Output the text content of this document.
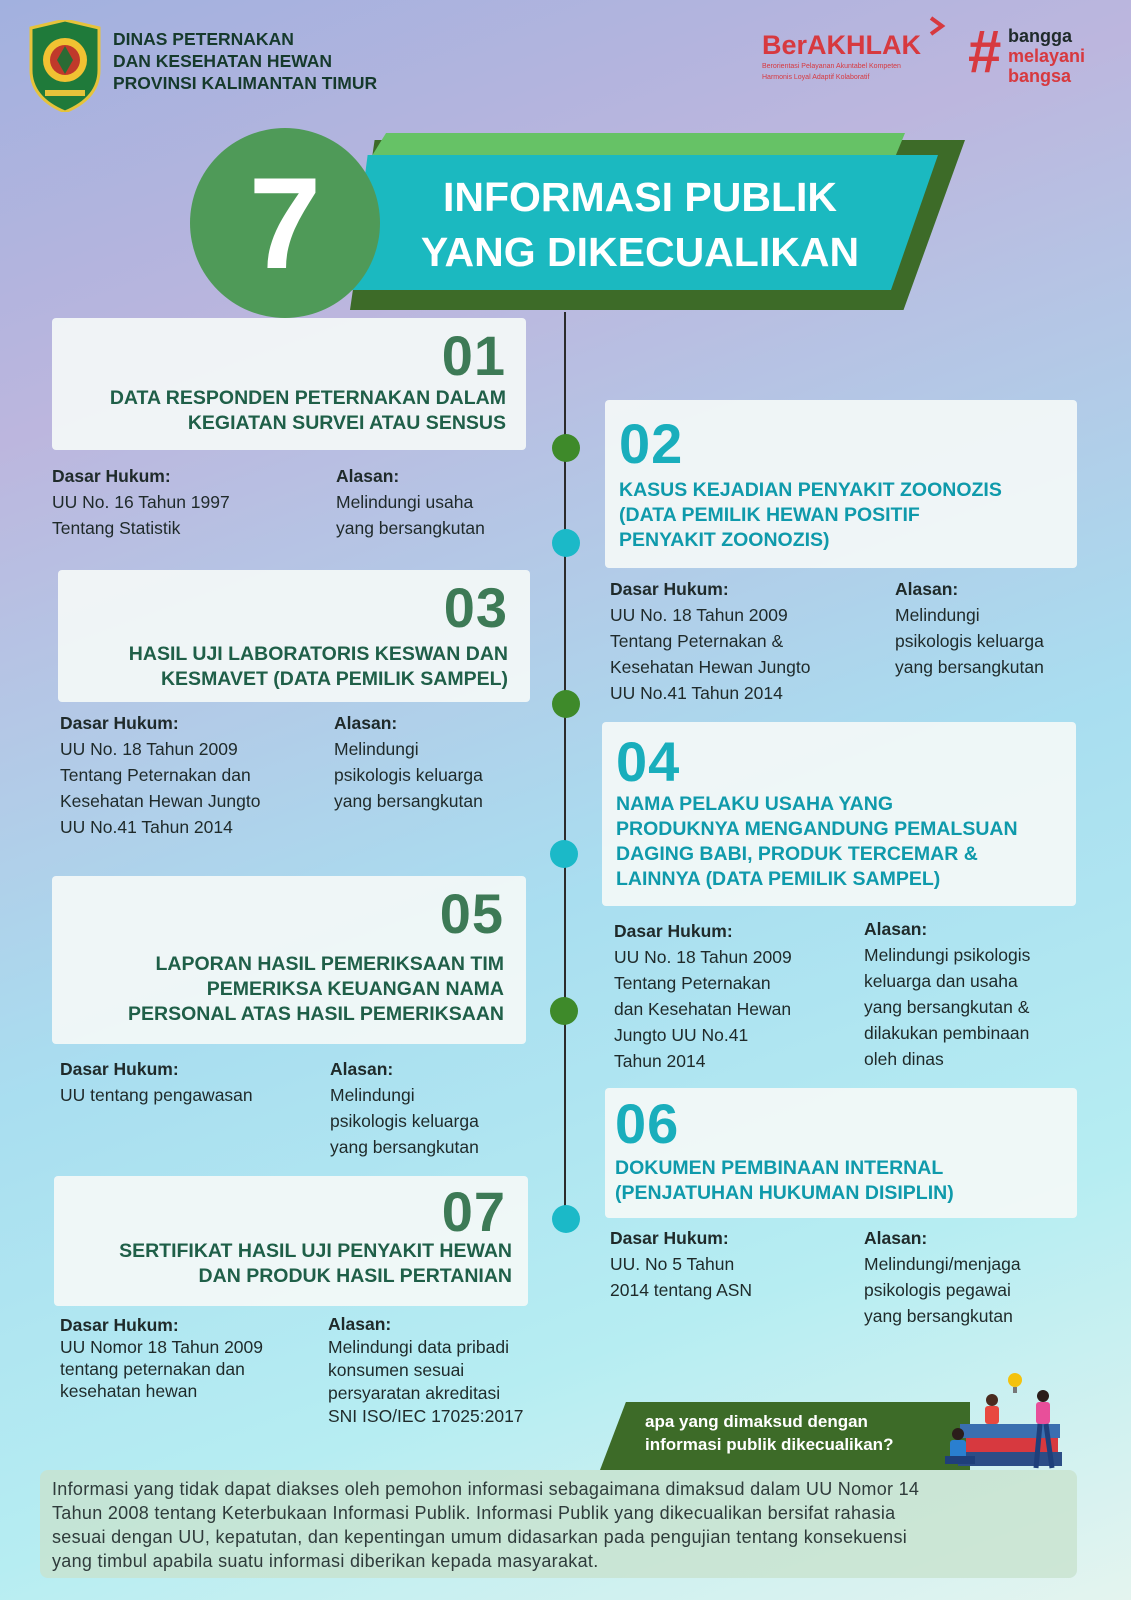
DINAS PETERNAKAN
DAN KESEHATAN HEWAN
PROVINSI KALIMANTAN TIMUR
BerAKHLAK
Berorientasi Pelayanan Akuntabel Kompeten
Harmonis Loyal Adaptif Kolaboratif	# bangga
melayani
bangsa
7	INFORMASI PUBLIK
YANG DIKECUALIKAN
01
DATA RESPONDEN PETERNAKAN DALAM
KEGIATAN SURVEI ATAU SENSUS
Dasar Hukum:
UU No. 16 Tahun 1997
Tentang Statistik
Alasan:
Melindungi usaha
yang bersangkutan
02
KASUS KEJADIAN PENYAKIT ZOONOZIS
(DATA PEMILIK HEWAN POSITIF
PENYAKIT ZOONOZIS)
Dasar Hukum:
UU No. 18 Tahun 2009
Tentang Peternakan &
Kesehatan Hewan Jungto
UU No.41 Tahun 2014
Alasan:
Melindungi
psikologis keluarga
yang bersangkutan
03
HASIL UJI LABORATORIS KESWAN DAN
KESMAVET (DATA PEMILIK SAMPEL)
Dasar Hukum:
UU No. 18 Tahun 2009
Tentang Peternakan dan
Kesehatan Hewan Jungto
UU No.41 Tahun 2014
Alasan:
Melindungi
psikologis keluarga
yang bersangkutan
04
NAMA PELAKU USAHA YANG
PRODUKNYA MENGANDUNG PEMALSUAN
DAGING BABI, PRODUK TERCEMAR &
LAINNYA (DATA PEMILIK SAMPEL)
Dasar Hukum:
UU No. 18 Tahun 2009
Tentang Peternakan
dan Kesehatan Hewan
Jungto UU No.41
Tahun 2014
Alasan:
Melindungi psikologis
keluarga dan usaha
yang bersangkutan &
dilakukan pembinaan
oleh dinas
05
LAPORAN HASIL PEMERIKSAAN TIM
PEMERIKSA KEUANGAN NAMA
PERSONAL ATAS HASIL PEMERIKSAAN
Dasar Hukum:
UU tentang pengawasan
Alasan:
Melindungi
psikologis keluarga
yang bersangkutan	06
DOKUMEN PEMBINAAN INTERNAL
(PENJATUHAN HUKUMAN DISIPLIN)
Dasar Hukum:
UU. No 5 Tahun
2014 tentang ASN
Alasan:
Melindungi/menjaga
psikologis pegawai
yang bersangkutan
07
SERTIFIKAT HASIL UJI PENYAKIT HEWAN
DAN PRODUK HASIL PERTANIAN
Dasar Hukum:
UU Nomor 18 Tahun 2009
tentang peternakan dan
kesehatan hewan
Alasan:
Melindungi data pribadi
konsumen sesuai
persyaratan akreditasi
SNI ISO/IEC 17025:2017	apa yang dimaksud dengan
informasi publik dikecualikan?
Informasi yang tidak dapat diakses oleh pemohon informasi sebagaimana dimaksud dalam UU Nomor 14
Tahun 2008 tentang Keterbukaan Informasi Publik. Informasi Publik yang dikecualikan bersifat rahasia
sesuai dengan UU, kepatutan, dan kepentingan umum didasarkan pada pengujian tentang konsekuensi
yang timbul apabila suatu informasi diberikan kepada masyarakat.
